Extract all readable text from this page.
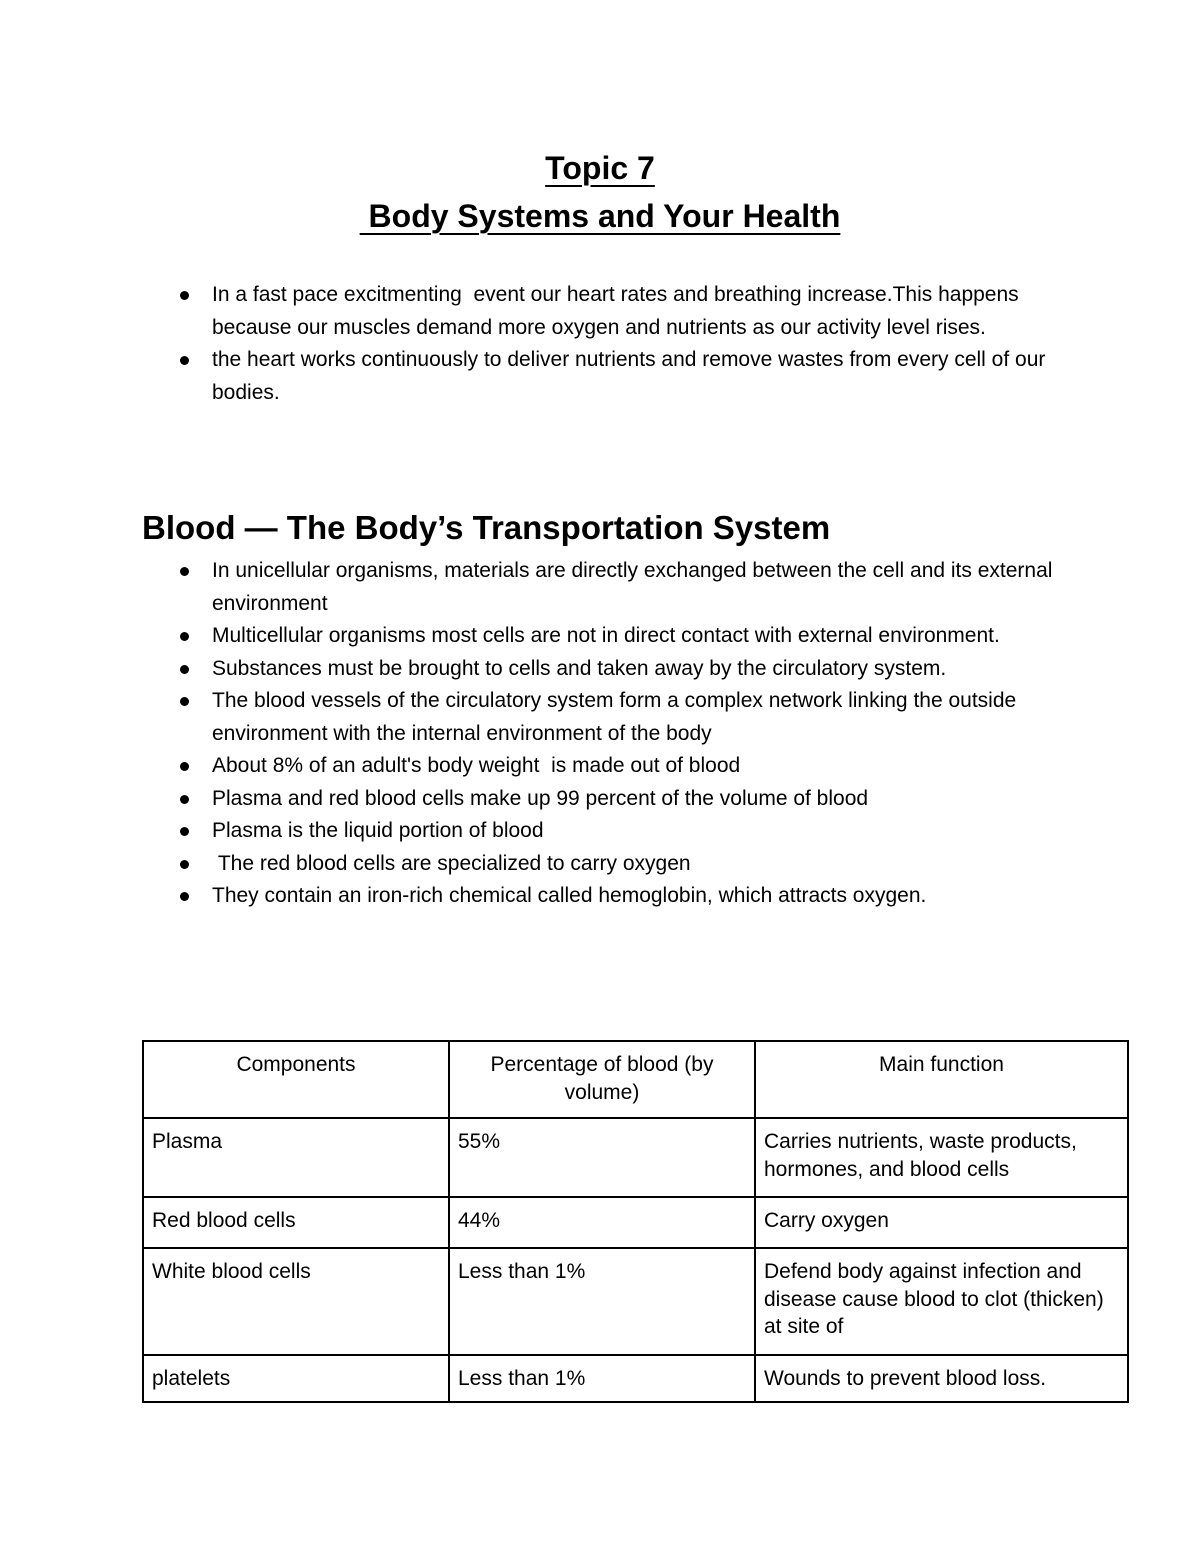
Topic 7
Body Systems and Your Health
In a fast pace excitmenting  event our heart rates and breathing increase.This happens because our muscles demand more oxygen and nutrients as our activity level rises.
the heart works continuously to deliver nutrients and remove wastes from every cell of our bodies.
Blood — The Body’s Transportation System
In unicellular organisms, materials are directly exchanged between the cell and its external environment
Multicellular organisms most cells are not in direct contact with external environment.
Substances must be brought to cells and taken away by the circulatory system.
The blood vessels of the circulatory system form a complex network linking the outside environment with the internal environment of the body
About 8% of an adult's body weight  is made out of blood
Plasma and red blood cells make up 99 percent of the volume of blood
Plasma is the liquid portion of blood
The red blood cells are specialized to carry oxygen
They contain an iron-rich chemical called hemoglobin, which attracts oxygen.
Components	Percentage of blood (by volume)	Main function
Plasma	55%	Carries nutrients, waste products, hormones, and blood cells
Red blood cells	44%	Carry oxygen
White blood cells	Less than 1%	Defend body against infection and disease cause blood to clot (thicken) at site of
platelets	Less than 1%	Wounds to prevent blood loss.
